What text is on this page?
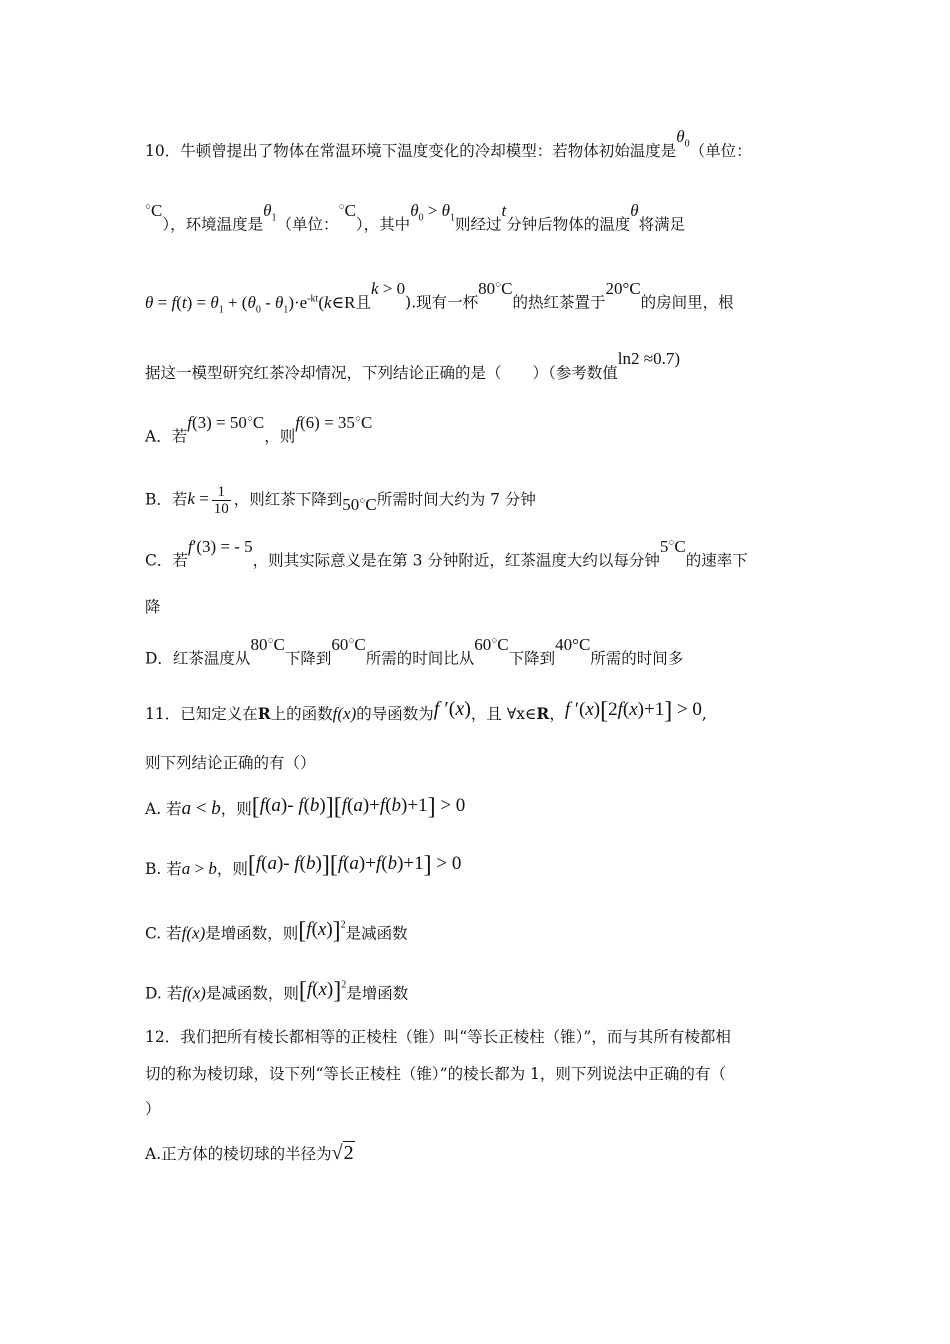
10．牛顿曾提出了物体在常温环境下温度变化的冷却模型：若物体初始温度是$\theta_0$（单位：
○C），环境温度是$\theta_1$（单位：○C），其中$\theta_0 > \theta_1$则经过t分钟后物体的温度θ将满足
$\theta = f(t) = \theta_1 + (\theta_0$ - $\theta_1)\cdot e^{-kt}(k\in R$且k > 0).现有一杯80○C的热红茶置于20°C的房间里，根
据这一模型研究红茶冷却情况，下列结论正确的是（　　）（参考数值ln2 ≈0.7)
A．若f(3) = 50○C，则f(6) = 35○C
B．若$k = \frac{1}{10}$ ，则红茶下降到50○C所需时间大约为 7 分钟
C．若f′(3) = - 5，则其实际意义是在第 3 分钟附近，红茶温度大约以每分钟5○C的速率下
降
D．红茶温度从80○C下降到60○C所需的时间比从60○C下降到40°C所需的时间多
11．已知定义在R上的函数f(x)的导函数为f ′(x)，且 ∀x∈R，f ′(x)[2f(x)+1] > 0,
则下列结论正确的有（）
A. 若a < b，则[f(a)- f(b)][f(a)+f(b)+1] > 0
B. 若a > b，则[f(a)- f(b)][f(a)+f(b)+1] > 0
C. 若f(x)是增函数，则$[f(x)]^2$是减函数
D. 若f(x)是减函数，则$[f(x)]^2$是增函数
12．我们把所有棱长都相等的正棱柱（锥）叫“等长正棱柱（锥）”，而与其所有棱都相
切的称为棱切球，设下列“等长正棱柱（锥）”的棱长都为 1，则下列说法中正确的有（
）
A.正方体的棱切球的半径为√2
